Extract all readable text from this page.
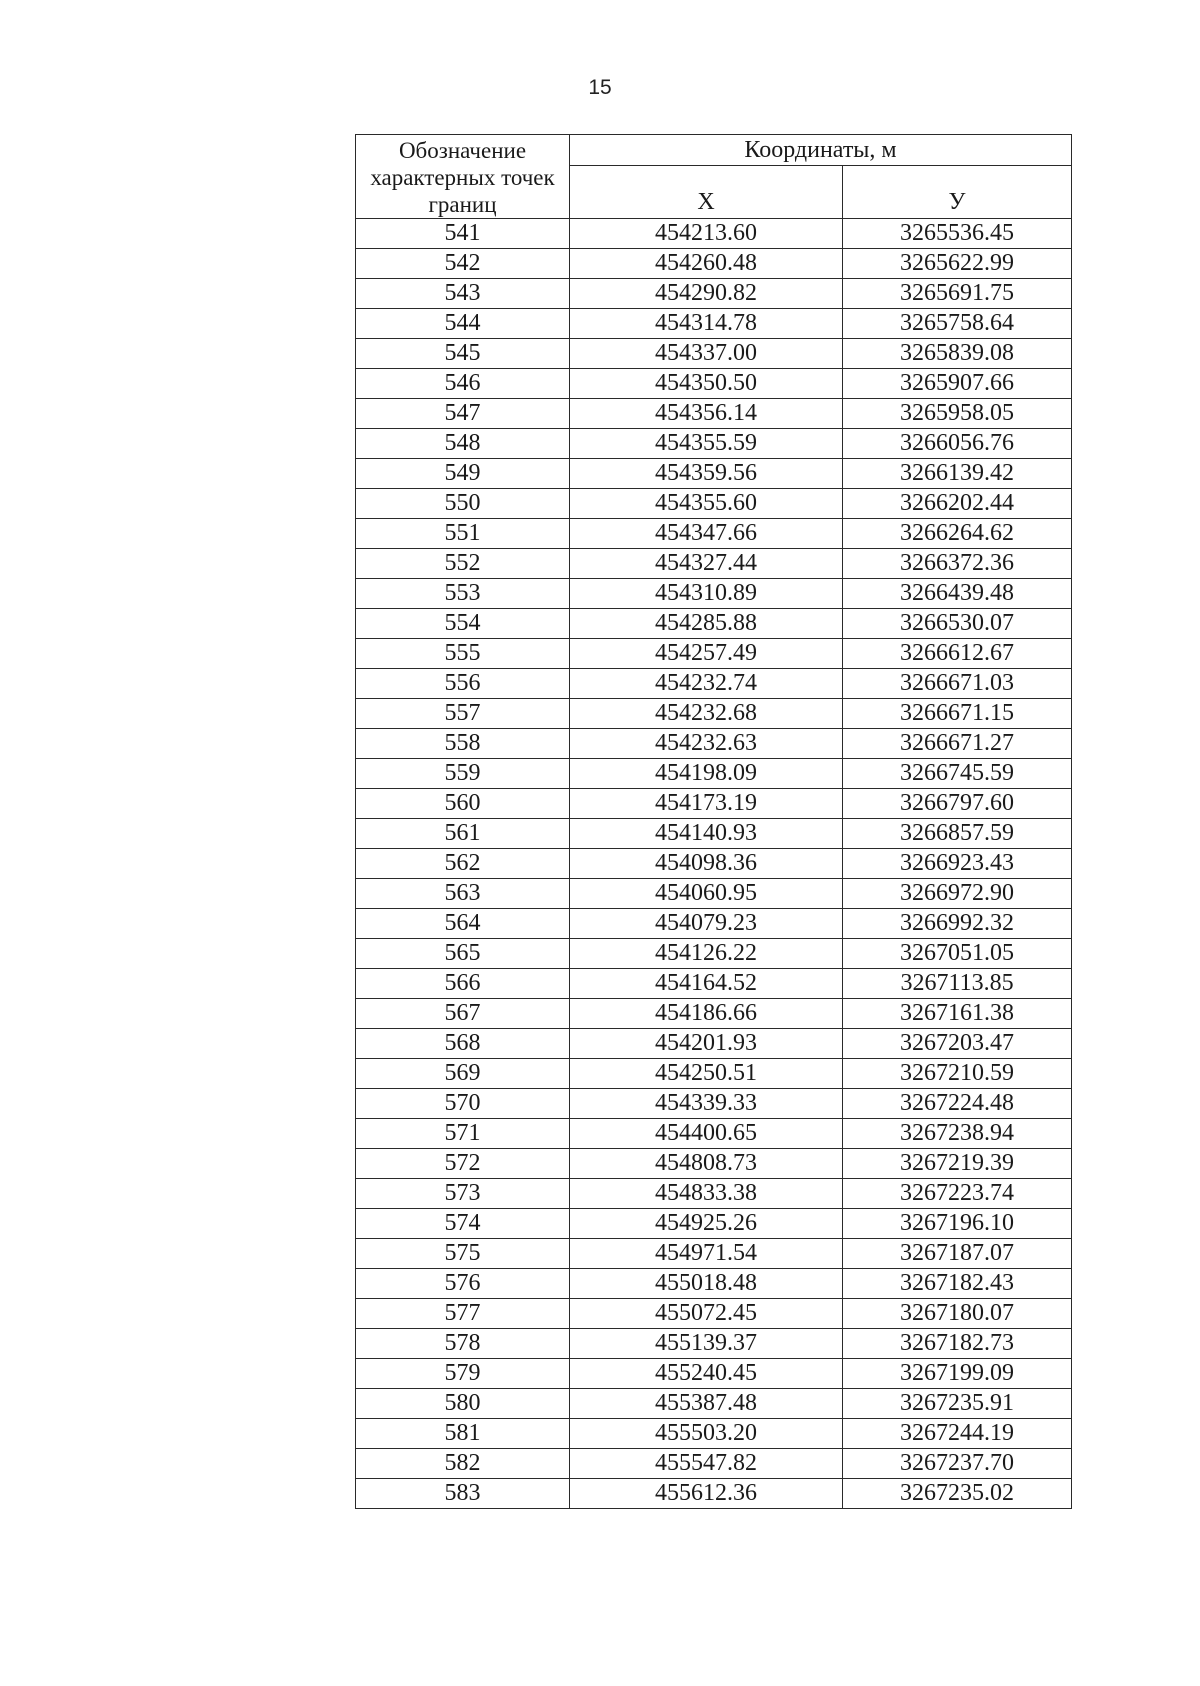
15
Обозначение характерных точек границ	Координаты, м	
	X	У
541	454213.60	3265536.45
542	454260.48	3265622.99
543	454290.82	3265691.75
544	454314.78	3265758.64
545	454337.00	3265839.08
546	454350.50	3265907.66
547	454356.14	3265958.05
548	454355.59	3266056.76
549	454359.56	3266139.42
550	454355.60	3266202.44
551	454347.66	3266264.62
552	454327.44	3266372.36
553	454310.89	3266439.48
554	454285.88	3266530.07
555	454257.49	3266612.67
556	454232.74	3266671.03
557	454232.68	3266671.15
558	454232.63	3266671.27
559	454198.09	3266745.59
560	454173.19	3266797.60
561	454140.93	3266857.59
562	454098.36	3266923.43
563	454060.95	3266972.90
564	454079.23	3266992.32
565	454126.22	3267051.05
566	454164.52	3267113.85
567	454186.66	3267161.38
568	454201.93	3267203.47
569	454250.51	3267210.59
570	454339.33	3267224.48
571	454400.65	3267238.94
572	454808.73	3267219.39
573	454833.38	3267223.74
574	454925.26	3267196.10
575	454971.54	3267187.07
576	455018.48	3267182.43
577	455072.45	3267180.07
578	455139.37	3267182.73
579	455240.45	3267199.09
580	455387.48	3267235.91
581	455503.20	3267244.19
582	455547.82	3267237.70
583	455612.36	3267235.02
